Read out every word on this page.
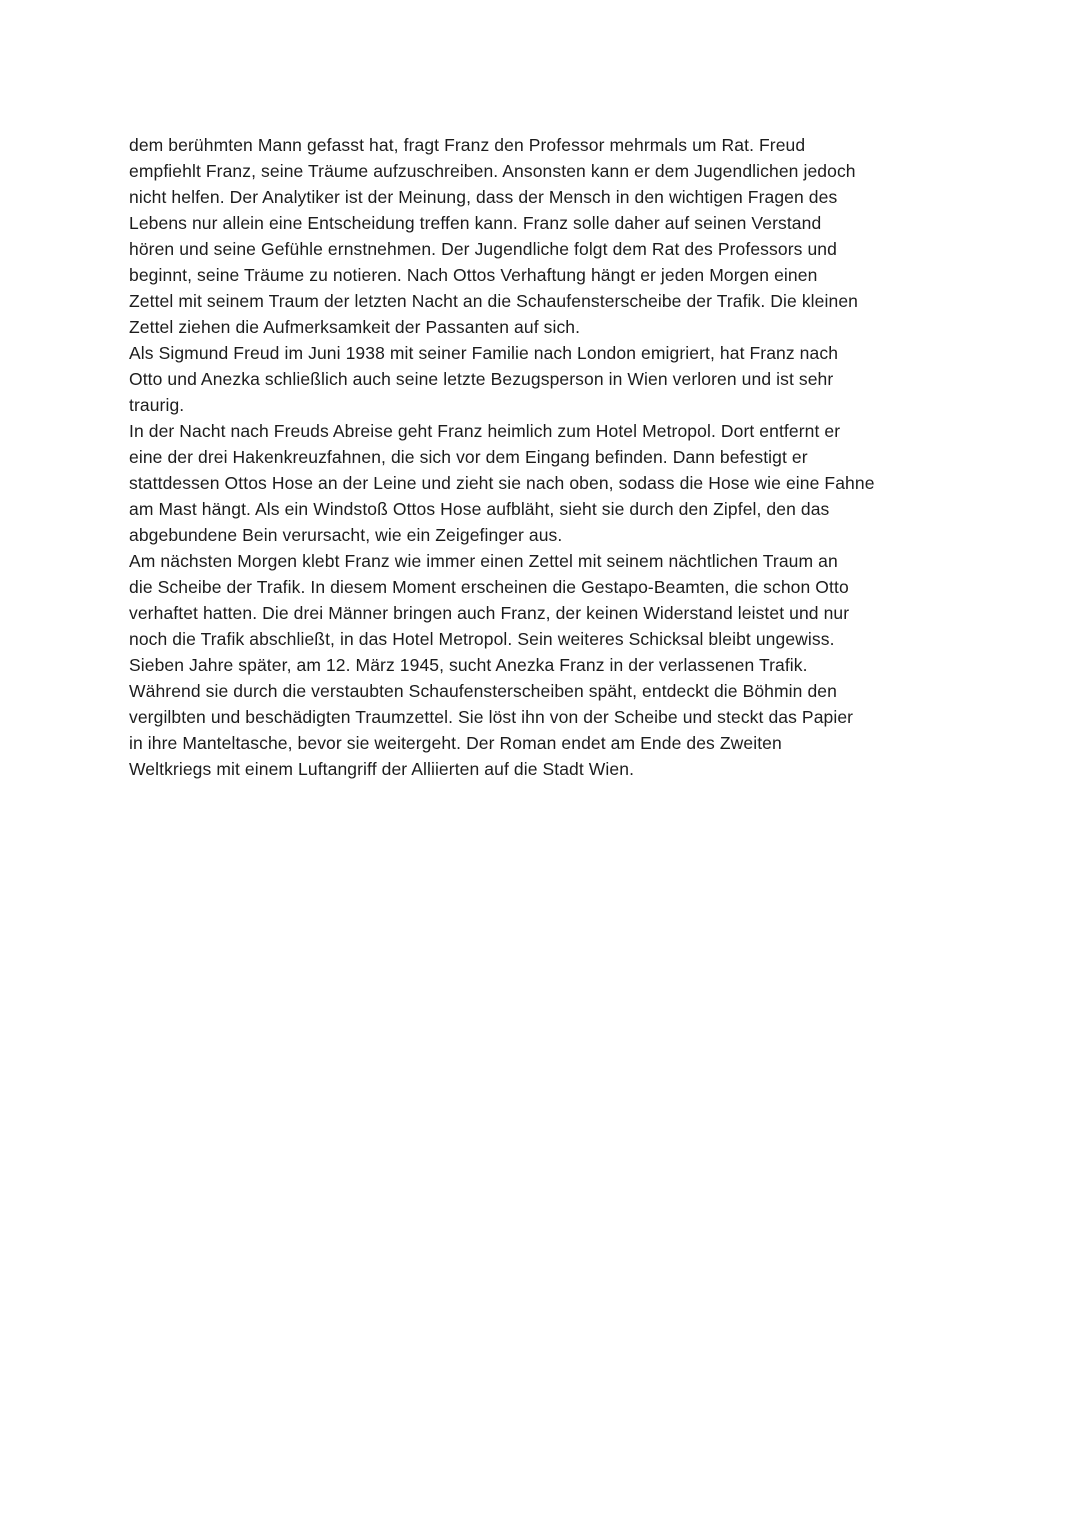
dem berühmten Mann gefasst hat, fragt Franz den Professor mehrmals um Rat. Freud
empfiehlt Franz, seine Träume aufzuschreiben. Ansonsten kann er dem Jugendlichen jedoch
nicht helfen. Der Analytiker ist der Meinung, dass der Mensch in den wichtigen Fragen des
Lebens nur allein eine Entscheidung treffen kann. Franz solle daher auf seinen Verstand
hören und seine Gefühle ernstnehmen. Der Jugendliche folgt dem Rat des Professors und
beginnt, seine Träume zu notieren. Nach Ottos Verhaftung hängt er jeden Morgen einen
Zettel mit seinem Traum der letzten Nacht an die Schaufensterscheibe der Trafik. Die kleinen
Zettel ziehen die Aufmerksamkeit der Passanten auf sich.
Als Sigmund Freud im Juni 1938 mit seiner Familie nach London emigriert, hat Franz nach
Otto und Anezka schließlich auch seine letzte Bezugsperson in Wien verloren und ist sehr
traurig.
In der Nacht nach Freuds Abreise geht Franz heimlich zum Hotel Metropol. Dort entfernt er
eine der drei Hakenkreuzfahnen, die sich vor dem Eingang befinden. Dann befestigt er
stattdessen Ottos Hose an der Leine und zieht sie nach oben, sodass die Hose wie eine Fahne
am Mast hängt. Als ein Windstoß Ottos Hose aufbläht, sieht sie durch den Zipfel, den das
abgebundene Bein verursacht, wie ein Zeigefinger aus.
Am nächsten Morgen klebt Franz wie immer einen Zettel mit seinem nächtlichen Traum an
die Scheibe der Trafik. In diesem Moment erscheinen die Gestapo-Beamten, die schon Otto
verhaftet hatten. Die drei Männer bringen auch Franz, der keinen Widerstand leistet und nur
noch die Trafik abschließt, in das Hotel Metropol. Sein weiteres Schicksal bleibt ungewiss.
Sieben Jahre später, am 12. März 1945, sucht Anezka Franz in der verlassenen Trafik.
Während sie durch die verstaubten Schaufensterscheiben späht, entdeckt die Böhmin den
vergilbten und beschädigten Traumzettel. Sie löst ihn von der Scheibe und steckt das Papier
in ihre Manteltasche, bevor sie weitergeht. Der Roman endet am Ende des Zweiten
Weltkriegs mit einem Luftangriff der Alliierten auf die Stadt Wien.
